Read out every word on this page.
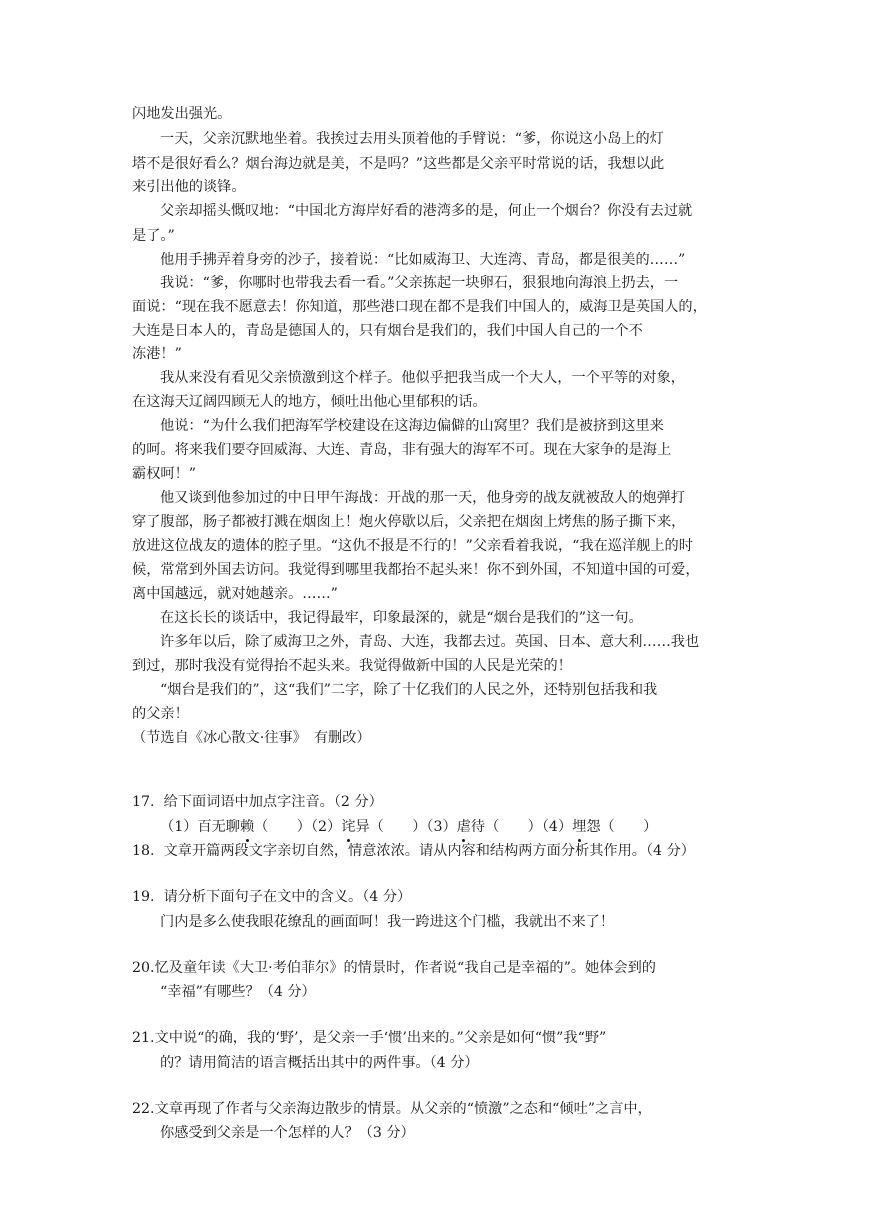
闪地发出强光。
一天，父亲沉默地坐着。我挨过去用头顶着他的手臂说：“爹，你说这小岛上的灯
塔不是很好看么？烟台海边就是美，不是吗？”这些都是父亲平时常说的话，我想以此
来引出他的谈锋。
父亲却摇头慨叹地：“中国北方海岸好看的港湾多的是，何止一个烟台？你没有去过就
是了。”
他用手拂弄着身旁的沙子，接着说：“比如威海卫、大连湾、青岛，都是很美的……”
我说：“爹，你哪时也带我去看一看。”父亲拣起一块卵石，狠狠地向海浪上扔去，一
面说：“现在我不愿意去！你知道，那些港口现在都不是我们中国人的，威海卫是英国人的，
大连是日本人的，青岛是德国人的，只有烟台是我们的，我们中国人自己的一个不
冻港！”
我从来没有看见父亲愤激到这个样子。他似乎把我当成一个大人，一个平等的对象，
在这海天辽阔四顾无人的地方，倾吐出他心里郁积的话。
他说：“为什么我们把海军学校建设在这海边偏僻的山窝里？我们是被挤到这里来
的呵。将来我们要夺回威海、大连、青岛，非有强大的海军不可。现在大家争的是海上
霸权呵！”
他又谈到他参加过的中日甲午海战：开战的那一天，他身旁的战友就被敌人的炮弹打
穿了腹部，肠子都被打溅在烟囱上！炮火停歇以后，父亲把在烟囱上烤焦的肠子撕下来，
放进这位战友的遗体的腔子里。“这仇不报是不行的！”父亲看着我说，“我在巡洋舰上的时
候，常常到外国去访问。我觉得到哪里我都抬不起头来！你不到外国，不知道中国的可爱，
离中国越远，就对她越亲。……”
在这长长的谈话中，我记得最牢，印象最深的，就是“烟台是我们的”这一句。
许多年以后，除了威海卫之外，青岛、大连，我都去过。英国、日本、意大利……我也
到过，那时我没有觉得抬不起头来。我觉得做新中国的人民是光荣的！
“烟台是我们的”，这“我们”二字，除了十亿我们的人民之外，还特别包括我和我
的父亲！
（节选自《冰心散文·往事》　有删改）
17.  给下面词语中加点字注音。（2 分）
（1）百无聊赖（　　）（2）诧异（　　）（3）虐待（　　）（4）埋怨（　　）
18.  文章开篇两段文字亲切自然，情意浓浓。请从内容和结构两方面分析其作用。（4 分）
19.  请分析下面句子在文中的含义。（4 分）
门内是多么使我眼花缭乱的画面呵！我一跨进这个门槛，我就出不来了！
20.忆及童年读《大卫·考伯菲尔》的情景时，作者说“我自己是幸福的”。她体会到的
“幸福”有哪些？（4 分）
21.文中说“的确，我的‘野’，是父亲一手‘惯’出来的。”父亲是如何“惯”我“野”
的？请用简洁的语言概括出其中的两件事。（4 分）
22.文章再现了作者与父亲海边散步的情景。从父亲的“愤激”之态和“倾吐”之言中，
你感受到父亲是一个怎样的人？（3 分）
